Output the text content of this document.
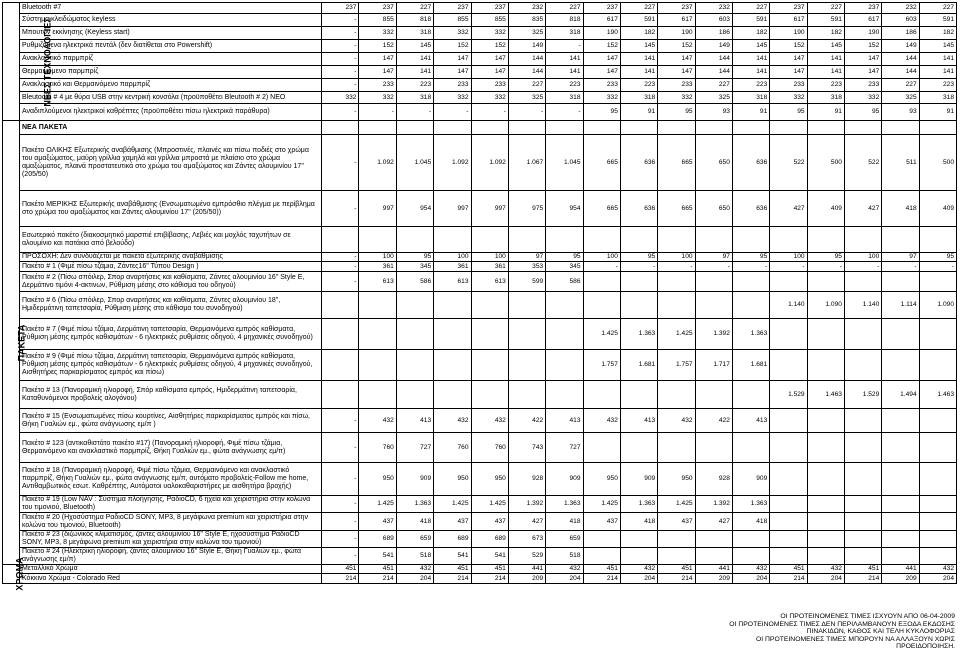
ΝΕΕΣ ΤΕΧΝΟΛΟΓΙΕΣ	Bluetooth #7	237	237	227	237	237	232	227	237	227	237	232	227	237	227	237	232	227
	Σύστημα κλειδώματος keyless	-	855	818	855	855	835	818	617	591	617	603	591	617	591	617	603	591
	Μπουτόν εκκίνησης (Keyless start)	-	332	318	332	332	325	318	190	182	190	186	182	190	182	190	186	182
	Ρυθμιζόμενα ηλεκτρικά πεντάλ (δεν διατίθεται στο Powershift)	-	152	145	152	152	149	-	152	145	152	149	145	152	145	152	149	145
	Ανακλαστικό παρμπρίζ	-	147	141	147	147	144	141	147	141	147	144	141	147	141	147	144	141
	Θερμαινόμενο παρμπρίζ	-	147	141	147	147	144	141	147	141	147	144	141	147	141	147	144	141
	Ανακλαστικό και Θερμαινόμενο παρμπρίζ	-	233	223	233	233	227	223	233	223	233	227	223	233	223	233	227	223
	Bleutooth # 4 με θύρα USB στην κεντρική κονσόλα (προϋποθέτει Bleutooth # 2) ΝΕΟ	332	332	318	332	332	325	318	332	318	332	325	318	332	318	332	325	318
	Αναδιπλούμενοι ηλεκτρικοί καθρέπτες (προϋποθέτει πίσω ηλεκτρικά παράθυρα)	-	-	-	-	-	-	-	95	91	95	93	91	95	91	95	93	91
ΠΑΚΕΤΑ	ΝΕΑ ΠΑΚΕΤΑ																	
	Πακέτο ΟΛΙΚΗΣ Εξωτερικής αναβάθμισης (Μπροστινές, πλαινές και πίσω ποδιές στο χρώμα του αμαξώματος, μαύρη γρίλλια χαμηλά και γρίλλια μπροστά με πλαίσιο στο χρώμα αμαξώματος, πλαινά προστατευτικά στο χρώμα του αμαξώματος και Ζάντες αλουμινίου 17" (205/50)	-	1.092	1.045	1.092	1.092	1.067	1.045	665	636	665	650	636	522	500	522	511	500
	Πακέτο ΜΕΡΙΚΗΣ Εξωτερικής αναβάθμισης (Ενσωματωμένο εμπρόσθιο πλέγμα με περίβλημα στο χρώμα του αμαξώματος και Ζάντες αλουμινίου 17" (205/50))	-	997	954	997	997	975	954	665	636	665	650	636	427	409	427	418	409
	Εσωτερικό πακέτο (διακοσμητικό μαρσπιέ επιβίβασης, Λεβιές και μοχλός ταχυτήτων σε αλουμίνιο και πατάκια από βελούδο)																	
	ΠΡΟΣΟΧΗ: Δεν συνδυάζεται με πακέτα εξωτερικής αναβάθμισης	-	100	95	100	100	97	95	100	95	100	97	95	100	95	100	97	95
	Πακέτο # 1 (Φιμέ πίσω τζάμια, Ζάντες16" Τύπου Design )	-	361	345	361	361	353	345	-	-	-	-	-	-	-	-	-	-
	Πακέτο # 2 (Πίσω σπόιλερ, Σπορ αναρτήσεις και καθίσματα, Ζάντες αλουμινίου 16" Style E, Δερμάτινο τιμόνι 4-ακτινων, Ρύθμιση μέσης στο κάθισμα του οδηγού)	-	613	586	613	613	599	586										
	Πακέτο # 6 (Πίσω σπόιλερ, Σπορ αναρτήσεις και καθίσματα, Ζάντες αλουμινίου 18", Ημιδερμάτινη ταπετσαρία, Ρύθμιση μέσης στο κάθισμα του συνοδηγού)													1.140	1.090	1.140	1.114	1.090
	Πακέτο # 7 (Φιμέ πίσω τζάμια, Δερμάτινη ταπετσαρία, Θερμαινόμενα εμπρός καθίσματα, Ρύθμιση μέσης εμπρός καθισμάτων - 6 ηλεκτρικές ρυθμίσεις οδηγού, 4 μηχανικές συνοδηγού)								1.425	1.363	1.425	1.392	1.363					
	Πακέτο # 9 (Φιμέ πίσω τζάμια, Δερμάτινη ταπετσαρία, Θερμαινόμενα εμπρός καθίσματα, Ρύθμιση μέσης εμπρός καθισμάτων - 6 ηλεκτρικές ρυθμίσεις οδηγού, 4 μηχανικές συνοδηγού, Αισθητήρες παρκαρίσματος εμπρός και πίσω)								1.757	1.681	1.757	1.717	1.681					
	Πακέτο # 13 (Πανοραμική ηλιοροφή, Σπόρ καθίσματα εμπρός, Ημιδερμάτινη ταπετσαρία, Καταθυνόμενοι προβολείς αλογόνου)													1.529	1.463	1.529	1.494	1.463
	Πακέτο # 15 (Ενσωματωμένες πίσω κουρτίνες, Αισθητήρες παρκαρίσματος εμπρός και πίσω, Θήκη Γυαλιών εμ., φώτα ανάγνωσης εμ/π )	-	432	413	432	432	422	413	432	413	432	422	413					
	Πακέτο # 123 (αντικαθιστάτο πακέτο #17) (Πανοραμική ηλιοροφή, Φιμέ πίσω τζάμια, Θερμαινόμενο και ανακλαστικό παρμπρίζ, Θήκη Γυαλιών εμ., φώτα ανάγνωσης εμ/π)	-	760	727	760	760	743	727										
	Πακέτο # 18 (Πανοραμική ηλιοροφή, Φιμέ πίσω τζάμια, Θερμαινόμενο και ανακλαστικό παρμπρίζ, Θήκη Γυαλιών εμ., φώτα ανάγνωσης εμ/π, αυτόματο προβολείς-Follow me home, Αντιθαμβωτικός εσωτ. Καθρέπτης, Αυτόματοι υαλοκαθαριστήρες με αισθητήρα βροχής)	-	950	909	950	950	928	909	950	909	950	928	909					
	Πακέτο # 19 (Low NAV : Σύστημα πλοήγησης, ΡαδιοCD, 6 ηχεία και χειριστήρια στην κολώνα του τιμονιού, Bluetooth)	-	1.425	1.363	1.425	1.425	1.392	1.363	1.425	1.363	1.425	1.392	1.363					
	Πακέτο # 20 (Ηχοσύστημα ΡαδιοCD SONY, MP3, 8 μεγάφωνα premium και χειριστήρια στην κολώνα του τιμονιού, Bluetooth)	-	437	418	437	437	427	418	437	418	437	427	418					
	Πακέτο # 23 (διζωνικός κλιματισμός, ζάντες αλουμινίου 16" Style E, ηχοσύστημα ΡαδιοCD SONY, MP3, 8 μεγάφωνα premium και χειριστήρια στην κολώνα του τιμονιού)	-	689	659	689	689	673	659										
	Πακέτο # 24 (Ηλεκτρική ηλιοροφή, ζάντες αλουμινίου 16" Style E, Θήκη Γυαλιών εμ., φώτα ανάγνωσης εμ/π)	-	541	518	541	541	529	518										
ΧΡΩΜΑ	Μεταλλικό Χρώμα	451	451	432	451	451	441	432	451	432	451	441	432	451	432	451	441	432
	Κόκκινο Χρώμα - Colorado Red	214	214	204	214	214	209	204	214	204	214	209	204	214	204	214	209	204
ΟΙ ΠΡΟΤΕΙΝΟΜΕΝΕΣ ΤΙΜΕΣ ΙΣΧΥΟΥΝ ΑΠΟ 06-04-2009
ΟΙ ΠΡΟΤΕΙΝΟΜΕΝΕΣ ΤΙΜΕΣ ΔΕΝ ΠΕΡΙΛΑΜΒΑΝΟΥΝ ΕΞΟΔΑ ΕΚΔΟΣΗΣ
ΠΙΝΑΚΙΔΩΝ, ΚΑΘΟΣ ΚΑΙ ΤΕΛΗ ΚΥΚΛΟΦΟΡΙΑΣ
ΟΙ ΠΡΟΤΕΙΝΟΜΕΝΕΣ ΤΙΜΕΣ ΜΠΟΡΟΥΝ ΝΑ ΑΛΛΑΞΟΥΝ ΧΩΡΙΣ ΠΡΟΕΙΔΟΠΟΙΗΣΗ.
